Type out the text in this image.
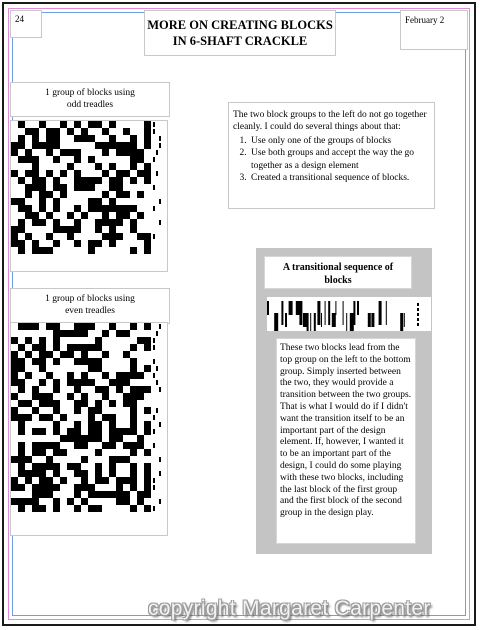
24	MORE ON CREATING BLOCKS
IN 6-SHAFT CRACKLE
February 2
1 group of blocks using
odd treadles
1 group of blocks using
even treadles

The two block groups to the left do not go together cleanly. I could do several things about that:

1. Use only one of the groups of blocks
2. Use both groups and accept the way the go together as a design element
3. Created a transitional sequence of blocks.
A transitional sequence of
blocks
These two blocks lead from the top group on the left to the bottom group. Simply inserted between the two, they would provide a transition between the two groups. That is what I would do if I didn't want the transition itself to be an important part of the design element. If, however, I wanted it to be an important part of the design, I could do some playing with these two blocks, including the last block of the first group and the first block of the second group in the design play.
copyright Margaret Carpenter
